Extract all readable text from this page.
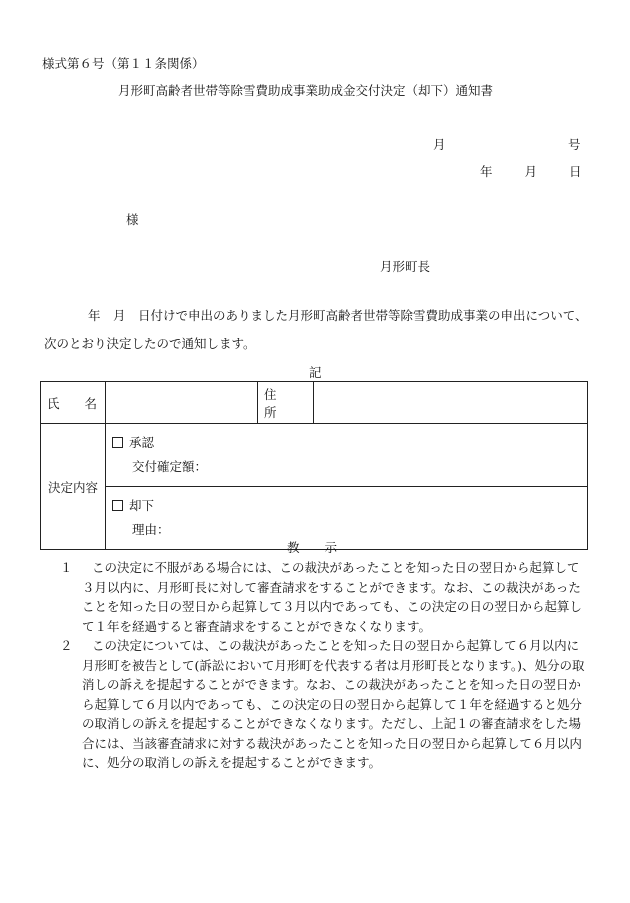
様式第６号（第１１条関係）
月形町高齢者世帯等除雪費助成事業助成金交付決定（却下）通知書
月	号
年	月	日
様
月形町長
年　月　日付けで申出のありました月形町高齢者世帯等除雪費助成事業の申出について、次のとおり決定したので通知します。
記
氏　　名		住　　所	
決定内容	承認
交付確定額：		

	却下
理由：		
教　　示
１	この決定に不服がある場合には、この裁決があったことを知った日の翌日から起算して３月以内に、月形町長に対して審査請求をすることができます。なお、この裁決があったことを知った日の翌日から起算して３月以内であっても、この決定の日の翌日から起算して１年を経過すると審査請求をすることができなくなります。
２	この決定については、この裁決があったことを知った日の翌日から起算して６月以内に月形町を被告として(訴訟において月形町を代表する者は月形町長となります。)、処分の取消しの訴えを提起することができます。なお、この裁決があったことを知った日の翌日から起算して６月以内であっても、この決定の日の翌日から起算して１年を経過すると処分の取消しの訴えを提起することができなくなります。ただし、上記１の審査請求をした場合には、当該審査請求に対する裁決があったことを知った日の翌日から起算して６月以内に、処分の取消しの訴えを提起することができます。
